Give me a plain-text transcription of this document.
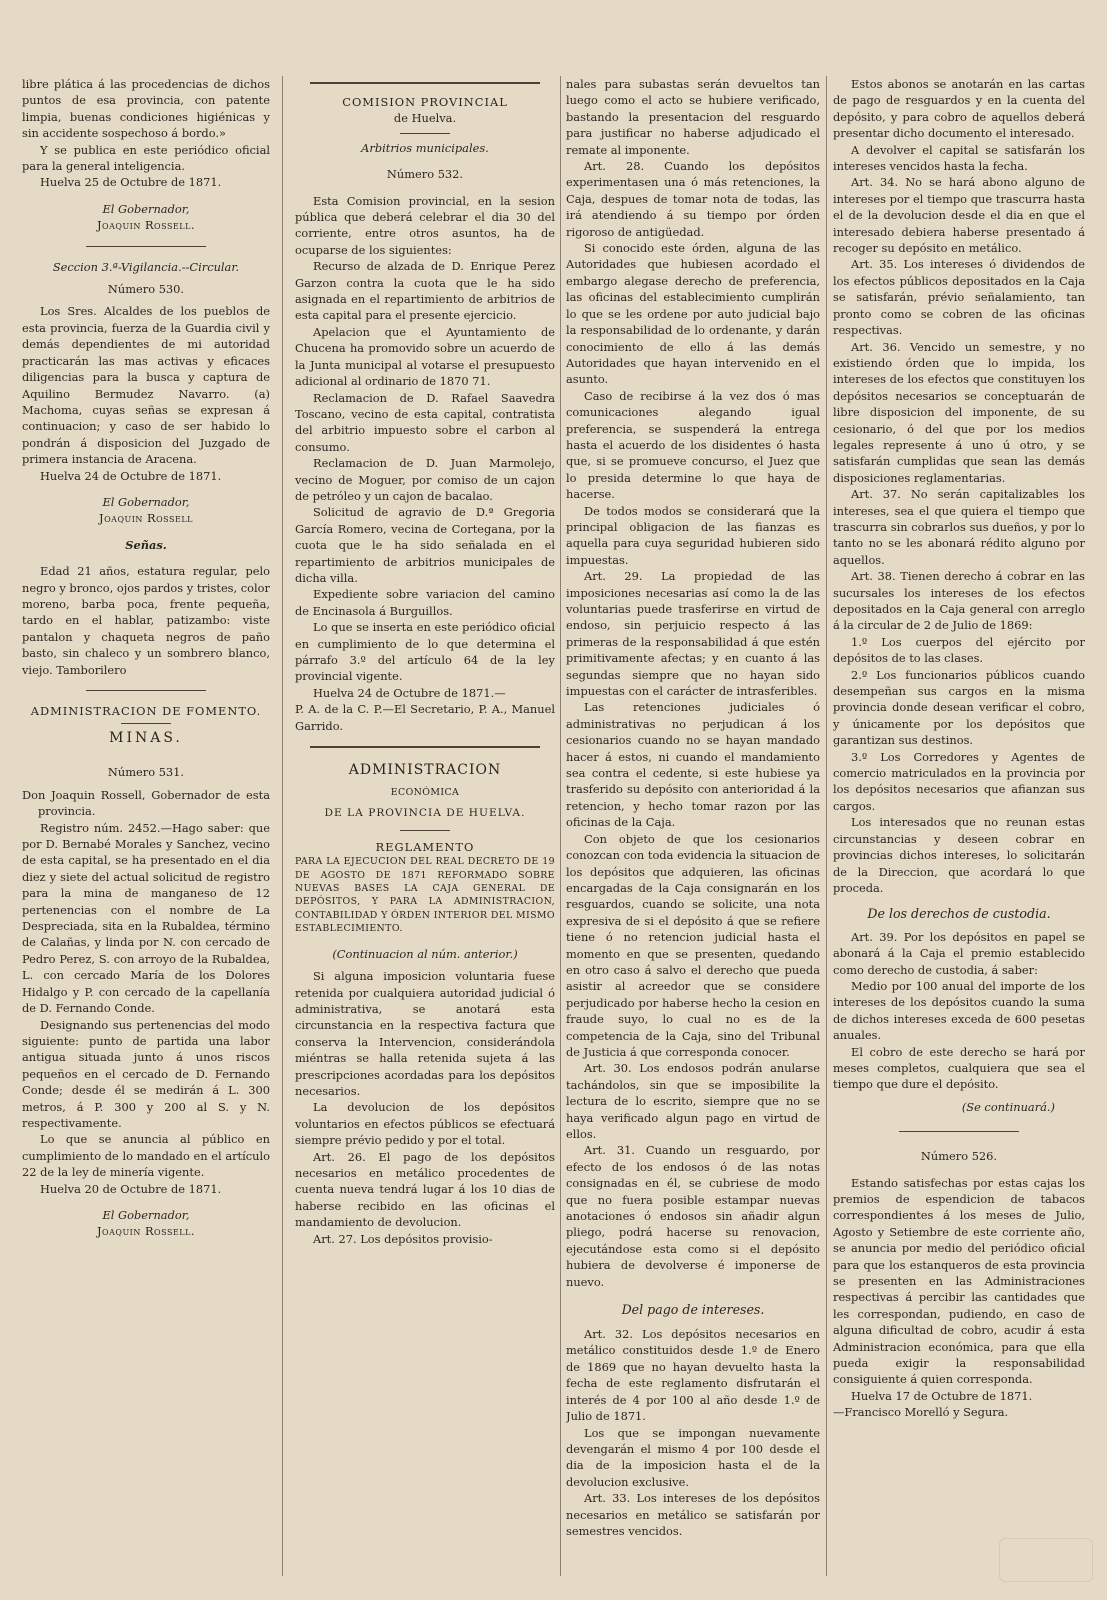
libre plática á las procedencias de dichos puntos de esa provincia, con patente limpia, buenas condiciones higiénicas y sin accidente sospechoso á bordo.»

Y se publica en este periódico oficial para la general inteligencia.

Huelva 25 de Octubre de 1871.

El Gobernador,

Joaquin Rossell.

Seccion 3.ª-Vigilancia.--Circular.

Número 530.

Los Sres. Alcaldes de los pueblos de esta provincia, fuerza de la Guardia civil y demás dependientes de mi autoridad practicarán las mas activas y eficaces diligencias para la busca y captura de Aquilino Bermudez Navarro. (a) Machoma, cuyas señas se expresan á continuacion; y caso de ser habido lo pondrán á disposicion del Juzgado de primera instancia de Aracena.

Huelva 24 de Octubre de 1871.

El Gobernador,

Joaquin Rossell

Señas.

Edad 21 años, estatura regular, pelo negro y bronco, ojos pardos y tristes, color moreno, barba poca, frente pequeña, tardo en el hablar, patizambo: viste pantalon y chaqueta negros de paño basto, sin chaleco y un sombrero blanco, viejo. Tamborilero

ADMINISTRACION DE FOMENTO.

MINAS.

Número 531.

Don Joaquin Rossell, Gobernador de esta provincia.

Registro núm. 2452.—Hago saber: que por D. Bernabé Morales y Sanchez, vecino de esta capital, se ha presentado en el dia diez y siete del actual solicitud de registro para la mina de manganeso de 12 pertenencias con el nombre de La Despreciada, sita en la Rubaldea, término de Calañas, y linda por N. con cercado de Pedro Perez, S. con arroyo de la Rubaldea, L. con cercado María de los Dolores Hidalgo y P. con cercado de la capellanía de D. Fernando Conde.

Designando sus pertenencias del modo siguiente: punto de partida una labor antigua situada junto á unos riscos pequeños en el cercado de D. Fernando Conde; desde él se medirán á L. 300 metros, á P. 300 y 200 al S. y N. respectivamente.

Lo que se anuncia al público en cumplimiento de lo mandado en el artículo 22 de la ley de minería vigente.

Huelva 20 de Octubre de 1871.

El Gobernador,

Joaquin Rossell.

COMISION PROVINCIAL

de Huelva.

Arbitrios municipales.

Número 532.

Esta Comision provincial, en la sesion pública que deberá celebrar el dia 30 del corriente, entre otros asuntos, ha de ocuparse de los siguientes:

Recurso de alzada de D. Enrique Perez Garzon contra la cuota que le ha sido asignada en el repartimiento de arbitrios de esta capital para el presente ejercicio.

Apelacion que el Ayuntamiento de Chucena ha promovido sobre un acuerdo de la Junta municipal al votarse el presupuesto adicional al ordinario de 1870 71.

Reclamacion de D. Rafael Saavedra Toscano, vecino de esta capital, contratista del arbitrio impuesto sobre el carbon al consumo.

Reclamacion de D. Juan Marmolejo, vecino de Moguer, por comiso de un cajon de petróleo y un cajon de bacalao.

Solicitud de agravio de D.ª Gregoria García Romero, vecina de Cortegana, por la cuota que le ha sido señalada en el repartimiento de arbitrios municipales de dicha villa.

Expediente sobre variacion del camino de Encinasola á Burguillos.

Lo que se inserta en este periódico oficial en cumplimiento de lo que determina el párrafo 3.º del artículo 64 de la ley provincial vigente.

Huelva 24 de Octubre de 1871.—

P. A. de la C. P.—El Secretario, P. A., Manuel Garrido.

ADMINISTRACION

ECONÓMICA

DE LA PROVINCIA DE HUELVA.

REGLAMENTO

PARA LA EJECUCION DEL REAL DECRETO DE 19 DE AGOSTO DE 1871 REFORMADO SOBRE NUEVAS BASES LA CAJA GENERAL DE DEPÓSITOS, Y PARA LA ADMINISTRACION, CONTABILIDAD Y ÓRDEN INTERIOR DEL MISMO ESTABLECIMIENTO.

(Continuacion al núm. anterior.)

Si alguna imposicion voluntaria fuese retenida por cualquiera autoridad judicial ó administrativa, se anotará esta circunstancia en la respectiva factura que conserva la Intervencion, considerándola miéntras se halla retenida sujeta á las prescripciones acordadas para los depósitos necesarios.

La devolucion de los depósitos voluntarios en efectos públicos se efectuará siempre prévio pedido y por el total.

Art. 26. El pago de los depósitos necesarios en metálico procedentes de cuenta nueva tendrá lugar á los 10 dias de haberse recibido en las oficinas el mandamiento de devolucion.

Art. 27. Los depósitos provisio-

nales para subastas serán devueltos tan luego como el acto se hubiere verificado, bastando la presentacion del resguardo para justificar no haberse adjudicado el remate al imponente.

Art. 28. Cuando los depósitos experimentasen una ó más retenciones, la Caja, despues de tomar nota de todas, las irá atendiendo á su tiempo por órden rigoroso de antigüedad.

Si conocido este órden, alguna de las Autoridades que hubiesen acordado el embargo alegase derecho de preferencia, las oficinas del establecimiento cumplirán lo que se les ordene por auto judicial bajo la responsabilidad de lo ordenante, y darán conocimiento de ello á las demás Autoridades que hayan intervenido en el asunto.

Caso de recibirse á la vez dos ó mas comunicaciones alegando igual preferencia, se suspenderá la entrega hasta el acuerdo de los disidentes ó hasta que, si se promueve concurso, el Juez que lo presida determine lo que haya de hacerse.

De todos modos se considerará que la principal obligacion de las fianzas es aquella para cuya seguridad hubieren sido impuestas.

Art. 29. La propiedad de las imposiciones necesarias así como la de las voluntarias puede trasferirse en virtud de endoso, sin perjuicio respecto á las primeras de la responsabilidad á que estén primitivamente afectas; y en cuanto á las segundas siempre que no hayan sido impuestas con el carácter de intrasferibles.

Las retenciones judiciales ó administrativas no perjudican á los cesionarios cuando no se hayan mandado hacer á estos, ni cuando el mandamiento sea contra el cedente, si este hubiese ya trasferido su depósito con anterioridad á la retencion, y hecho tomar razon por las oficinas de la Caja.

Con objeto de que los cesionarios conozcan con toda evidencia la situacion de los depósitos que adquieren, las oficinas encargadas de la Caja consignarán en los resguardos, cuando se solicite, una nota expresiva de si el depósito á que se refiere tiene ó no retencion judicial hasta el momento en que se presenten, quedando en otro caso á salvo el derecho que pueda asistir al acreedor que se considere perjudicado por haberse hecho la cesion en fraude suyo, lo cual no es de la competencia de la Caja, sino del Tribunal de Justicia á que corresponda conocer.

Art. 30. Los endosos podrán anularse tachándolos, sin que se imposibilite la lectura de lo escrito, siempre que no se haya verificado algun pago en virtud de ellos.

Art. 31. Cuando un resguardo, por efecto de los endosos ó de las notas consignadas en él, se cubriese de modo que no fuera posible estampar nuevas anotaciones ó endosos sin añadir algun pliego, podrá hacerse su renovacion, ejecutándose esta como si el depósito hubiera de devolverse é imponerse de nuevo.

Del pago de intereses.

Art. 32. Los depósitos necesarios en metálico constituidos desde 1.º de Enero de 1869 que no hayan devuelto hasta la fecha de este reglamento disfrutarán el interés de 4 por 100 al año desde 1.º de Julio de 1871.

Los que se impongan nuevamente devengarán el mismo 4 por 100 desde el dia de la imposicion hasta el de la devolucion exclusive.

Art. 33. Los intereses de los depósitos necesarios en metálico se satisfarán por semestres vencidos.

Estos abonos se anotarán en las cartas de pago de resguardos y en la cuenta del depósito, y para cobro de aquellos deberá presentar dicho documento el interesado.

A devolver el capital se satisfarán los intereses vencidos hasta la fecha.

Art. 34. No se hará abono alguno de intereses por el tiempo que trascurra hasta el de la devolucion desde el dia en que el interesado debiera haberse presentado á recoger su depósito en metálico.

Art. 35. Los intereses ó dividendos de los efectos públicos depositados en la Caja se satisfarán, prévio señalamiento, tan pronto como se cobren de las oficinas respectivas.

Art. 36. Vencido un semestre, y no existiendo órden que lo impida, los intereses de los efectos que constituyen los depósitos necesarios se conceptuarán de libre disposicion del imponente, de su cesionario, ó del que por los medios legales represente á uno ú otro, y se satisfarán cumplidas que sean las demás disposiciones reglamentarias.

Art. 37. No serán capitalizables los intereses, sea el que quiera el tiempo que trascurra sin cobrarlos sus dueños, y por lo tanto no se les abonará rédito alguno por aquellos.

Art. 38. Tienen derecho á cobrar en las sucursales los intereses de los efectos depositados en la Caja general con arreglo á la circular de 2 de Julio de 1869:

1.º Los cuerpos del ejército por depósitos de to las clases.

2.º Los funcionarios públicos cuando desempeñan sus cargos en la misma provincia donde desean verificar el cobro, y únicamente por los depósitos que garantizan sus destinos.

3.º Los Corredores y Agentes de comercio matriculados en la provincia por los depósitos necesarios que afianzan sus cargos.

Los interesados que no reunan estas circunstancias y deseen cobrar en provincias dichos intereses, lo solicitarán de la Direccion, que acordará lo que proceda.

De los derechos de custodia.

Art. 39. Por los depósitos en papel se abonará á la Caja el premio establecido como derecho de custodia, á saber:

Medio por 100 anual del importe de los intereses de los depósitos cuando la suma de dichos intereses exceda de 600 pesetas anuales.

El cobro de este derecho se hará por meses completos, cualquiera que sea el tiempo que dure el depósito.

(Se continuará.)

Número 526.

Estando satisfechas por estas cajas los premios de espendicion de tabacos correspondientes á los meses de Julio, Agosto y Setiembre de este corriente año, se anuncia por medio del periódico oficial para que los estanqueros de esta provincia se presenten en las Administraciones respectivas á percibir las cantidades que les correspondan, pudiendo, en caso de alguna dificultad de cobro, acudir á esta Administracion económica, para que ella pueda exigir la responsabilidad consiguiente á quien corresponda.

Huelva 17 de Octubre de 1871.

—Francisco Morelló y Segura.
